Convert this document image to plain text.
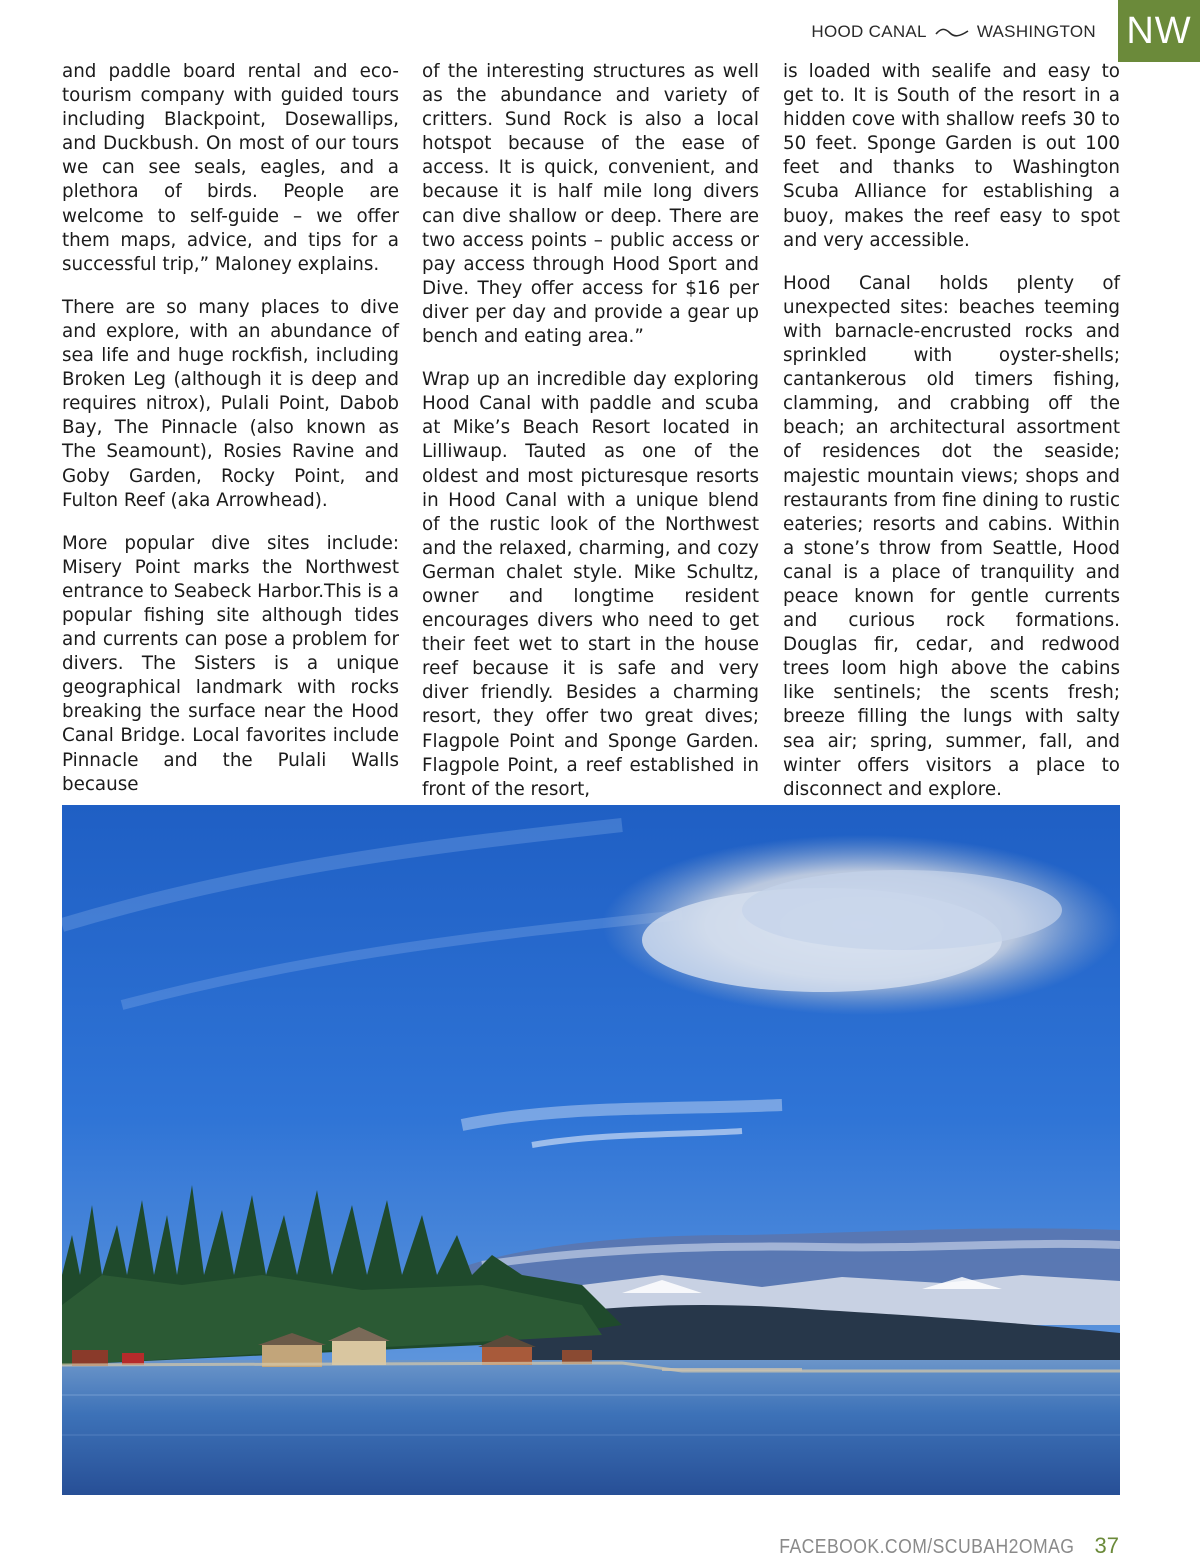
HOOD CANAL	WASHINGTON NW

and paddle board rental and eco-tourism company with guided tours including Blackpoint, Dosewallips, and Duckbush. On most of our tours we can see seals, eagles, and a plethora of birds. People are welcome to self-guide – we offer them maps, advice, and tips for a successful trip,” Maloney explains.

There are so many places to dive and explore, with an abundance of sea life and huge rockfish, including Broken Leg (although it is deep and requires nitrox), Pulali Point, Dabob Bay, The Pinnacle (also known as The Seamount), Rosies Ravine and Goby Garden, Rocky Point, and Fulton Reef (aka Arrowhead).

More popular dive sites include: Misery Point marks the Northwest entrance to Seabeck Harbor.This is a popular fishing site although tides and currents can pose a problem for divers. The Sisters is a unique geographical landmark with rocks breaking the surface near the Hood Canal Bridge. Local favorites include Pinnacle and the Pulali Walls because

of the interesting structures as well as the abundance and variety of critters. Sund Rock is also a local hotspot because of the ease of access. It is quick, convenient, and because it is half mile long divers can dive shallow or deep. There are two access points – public access or pay access through Hood Sport and Dive. They offer access for $16 per diver per day and provide a gear up bench and eating area.”

Wrap up an incredible day exploring Hood Canal with paddle and scuba at Mike’s Beach Resort located in Lilliwaup. Tauted as one of the oldest and most picturesque resorts in Hood Canal with a unique blend of the rustic look of the Northwest and the relaxed, charming, and cozy German chalet style. Mike Schultz, owner and longtime resident encourages divers who need to get their feet wet to start in the house reef because it is safe and very diver friendly. Besides a charming resort, they offer two great dives; Flagpole Point and Sponge Garden. Flagpole Point, a reef established in front of the resort,

is loaded with sealife and easy to get to. It is South of the resort in a hidden cove with shallow reefs 30 to 50 feet. Sponge Garden is out 100 feet and thanks to Washington Scuba Alliance for establishing a buoy, makes the reef easy to spot and very accessible.

Hood Canal holds plenty of unexpected sites: beaches teeming with barnacle-encrusted rocks and sprinkled with oyster-shells; cantankerous old timers fishing, clamming, and crabbing off the beach; an architectural assortment of residences dot the seaside; majestic mountain views; shops and restaurants from fine dining to rustic eateries; resorts and cabins. Within a stone’s throw from Seattle, Hood canal is a place of tranquility and peace known for gentle currents and curious rock formations. Douglas fir, cedar, and redwood trees loom high above the cabins like sentinels; the scents fresh; breeze filling the lungs with salty sea air; spring, summer, fall, and winter offers visitors a place to disconnect and explore.

FACEBOOK.COM/SCUBAH2OMAG 37
